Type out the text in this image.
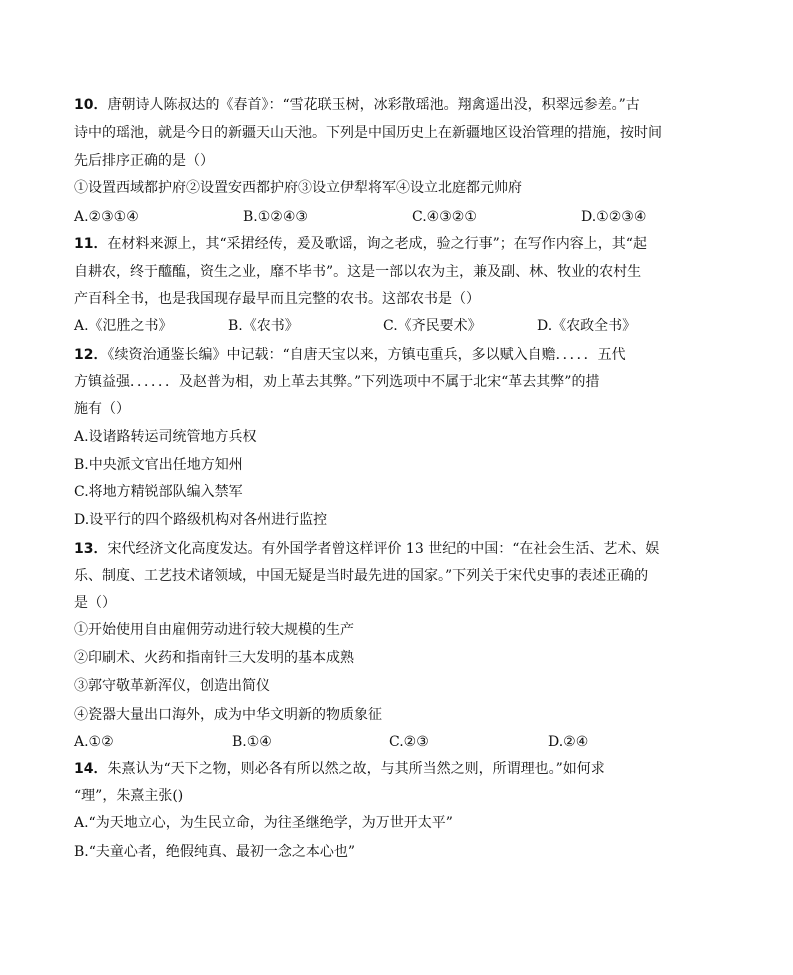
10．唐朝诗人陈叔达的《春首》：“雪花联玉树，冰彩散瑶池。翔禽遥出没，积翠远参差。”古
诗中的瑶池，就是今日的新疆天山天池。下列是中国历史上在新疆地区设治管理的措施，按时间
先后排序正确的是（）
①设置西域都护府②设置安西都护府③设立伊犁将军④设立北庭都元帅府
A.②③①④	B.①②④③	C.④③②①	D.①②③④
11．在材料来源上，其“采捃经传，爰及歌谣，询之老成，验之行事”；在写作内容上，其“起
自耕农，终于醯醢，资生之业，靡不毕书”。这是一部以农为主，兼及副、林、牧业的农村生
产百科全书，也是我国现存最早而且完整的农书。这部农书是（）
A.《氾胜之书》	B.《农书》	C.《齐民要术》	D.《农政全书》
12．《续资治通鉴长编》中记载：“自唐天宝以来，方镇屯重兵，多以赋入自赡．．．．．五代
方镇益强．．．．．．及赵普为相，劝上革去其弊。”下列选项中不属于北宋“革去其弊”的措
施有（）
A.设诸路转运司统管地方兵权
B.中央派文官出任地方知州
C.将地方精锐部队编入禁军
D.设平行的四个路级机构对各州进行监控
13．宋代经济文化高度发达。有外国学者曾这样评价 13 世纪的中国：“在社会生活、艺术、娱
乐、制度、工艺技术诸领域，中国无疑是当时最先进的国家。”下列关于宋代史事的表述正确的
是（）
①开始使用自由雇佣劳动进行较大规模的生产
②印刷术、火药和指南针三大发明的基本成熟
③郭守敬革新浑仪，创造出简仪
④瓷器大量出口海外，成为中华文明新的物质象征
A.①②	B.①④	C.②③	D.②④
14．朱熹认为“天下之物，则必各有所以然之故，与其所当然之则，所谓理也。”如何求
“理”，朱熹主张()
A.“为天地立心，为生民立命，为往圣继绝学，为万世开太平”
B.“夫童心者，绝假纯真、最初一念之本心也”
